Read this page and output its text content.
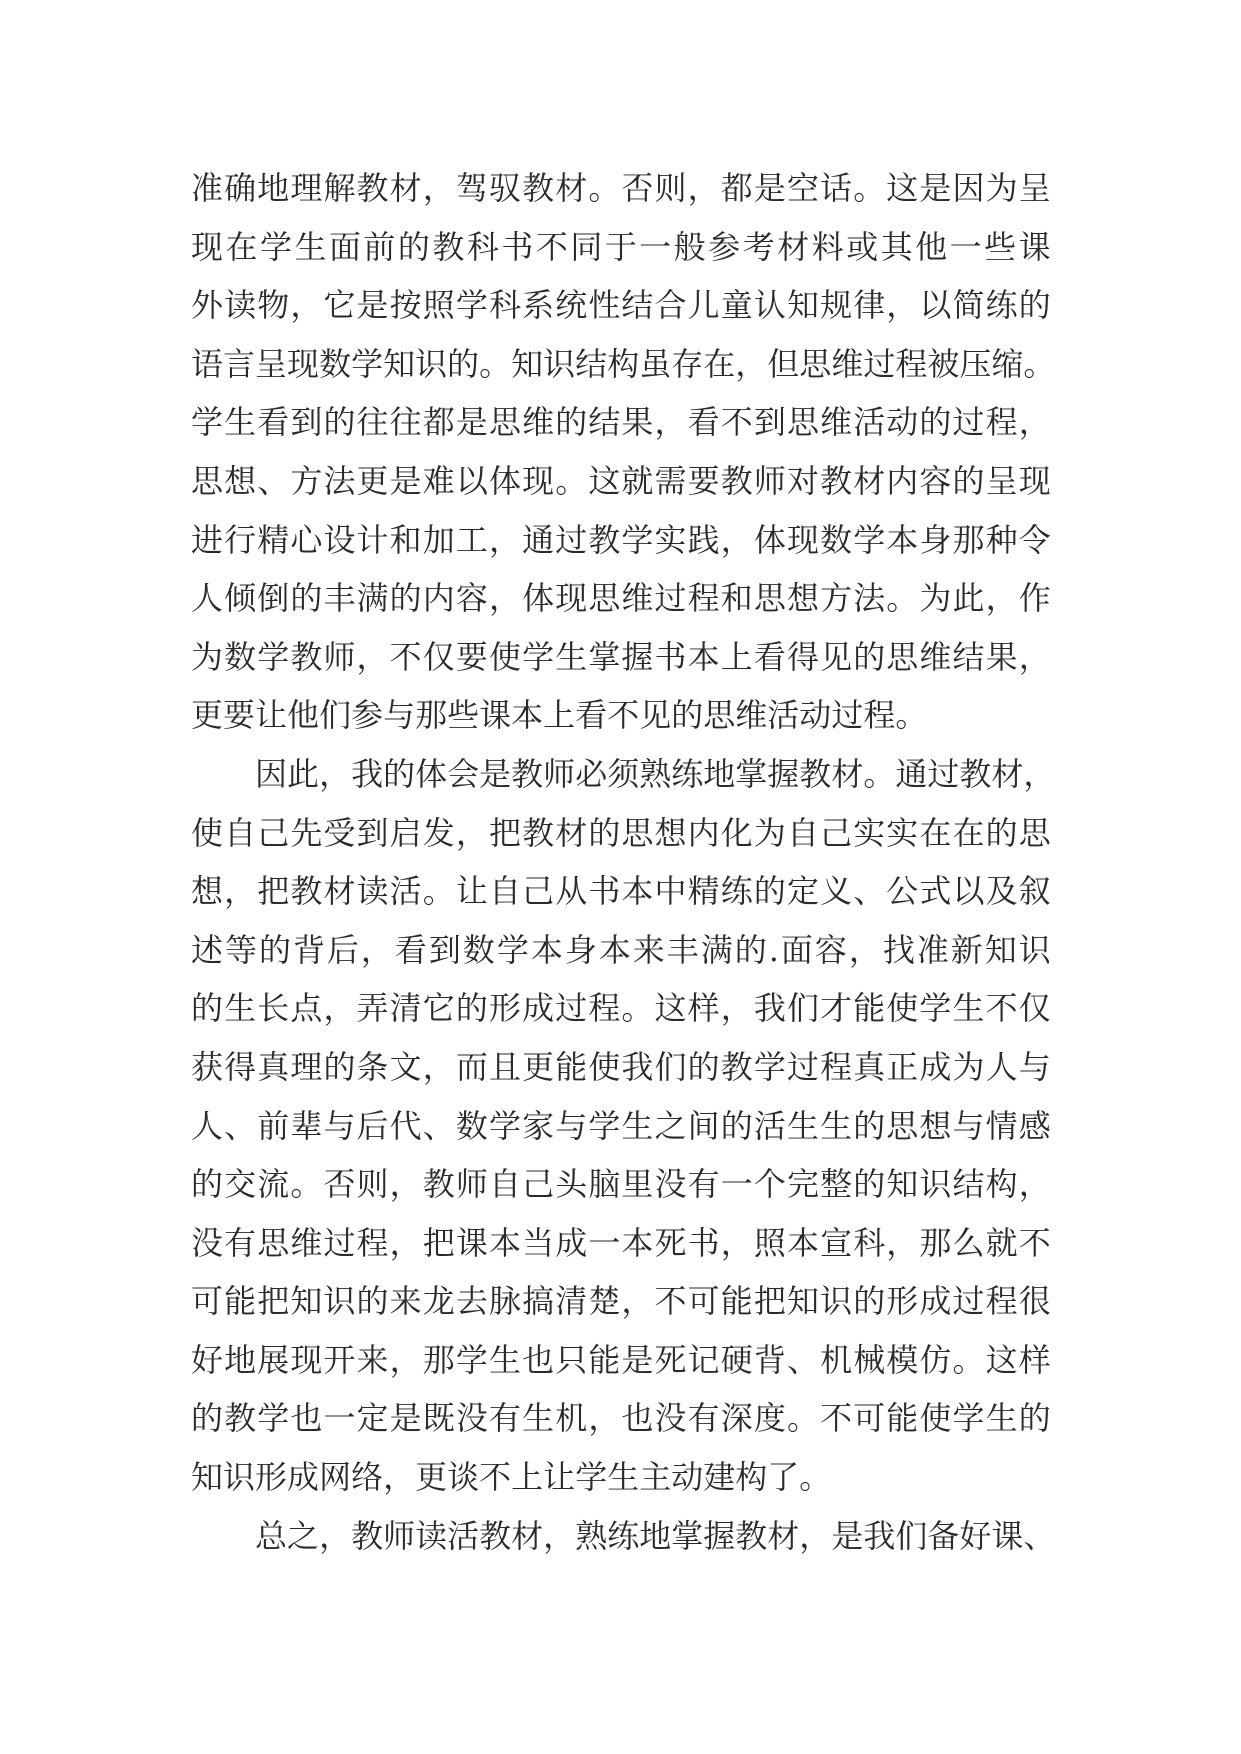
准 确 地 理 解 教 材 ， 驾 驭 教 材 。 否 则 ， 都 是 空 话 。 这 是 因 为 呈
现 在 学 生 面 前 的 教 科 书 不 同 于 一 般 参 考 材 料 或 其 他 一 些 课
外 读 物 ， 它 是 按 照 学 科 系 统 性 结 合 儿 童 认 知 规 律 ， 以 简 练 的
语 言 呈 现 数 学 知 识 的 。 知 识 结 构 虽 存 在 ， 但 思 维 过 程 被 压 缩 。
学 生 看 到 的 往 往 都 是 思 维 的 结 果 ， 看 不 到 思 维 活 动 的 过 程 ，
思 想 、 方 法 更 是 难 以 体 现 。 这 就 需 要 教 师 对 教 材 内 容 的 呈 现
进 行 精 心 设 计 和 加 工 ， 通 过 教 学 实 践 ， 体 现 数 学 本 身 那 种 令
人 倾 倒 的 丰 满 的 内 容 ， 体 现 思 维 过 程 和 思 想 方 法 。 为 此 ， 作
为 数 学 教 师 ， 不 仅 要 使 学 生 掌 握 书 本 上 看 得 见 的 思 维 结 果 ，
更 要 让 他 们 参 与 那 些 课 本 上 看 不 见 的 思 维 活 动 过 程 。

因 此 ， 我 的 体 会 是 教 师 必 须 熟 练 地 掌 握 教 材 。 通 过 教 材 ，
使 自 己 先 受 到 启 发 ， 把 教 材 的 思 想 内 化 为 自 己 实 实 在 在 的 思
想 ， 把 教 材 读 活 。 让 自 己 从 书 本 中 精 练 的 定 义 、 公 式 以 及 叙
述 等 的 背 后 ， 看 到 数 学 本 身 本 来 丰 满 的 . 面 容 ， 找 准 新 知 识
的 生 长 点 ， 弄 清 它 的 形 成 过 程 。 这 样 ， 我 们 才 能 使 学 生 不 仅
获 得 真 理 的 条 文 ， 而 且 更 能 使 我 们 的 教 学 过 程 真 正 成 为 人 与
人 、 前 辈 与 后 代 、 数 学 家 与 学 生 之 间 的 活 生 生 的 思 想 与 情 感
的 交 流 。 否 则 ， 教 师 自 己 头 脑 里 没 有 一 个 完 整 的 知 识 结 构 ，
没 有 思 维 过 程 ， 把 课 本 当 成 一 本 死 书 ， 照 本 宣 科 ， 那 么 就 不
可 能 把 知 识 的 来 龙 去 脉 搞 清 楚 ， 不 可 能 把 知 识 的 形 成 过 程 很
好 地 展 现 开 来 ， 那 学 生 也 只 能 是 死 记 硬 背 、 机 械 模 仿 。 这 样
的 教 学 也 一 定 是 既 没 有 生 机 ， 也 没 有 深 度 。 不 可 能 使 学 生 的
知 识 形 成 网 络 ， 更 谈 不 上 让 学 生 主 动 建 构 了 。

总 之 ， 教 师 读 活 教 材 ， 熟 练 地 掌 握 教 材 ， 是 我 们 备 好 课 、
